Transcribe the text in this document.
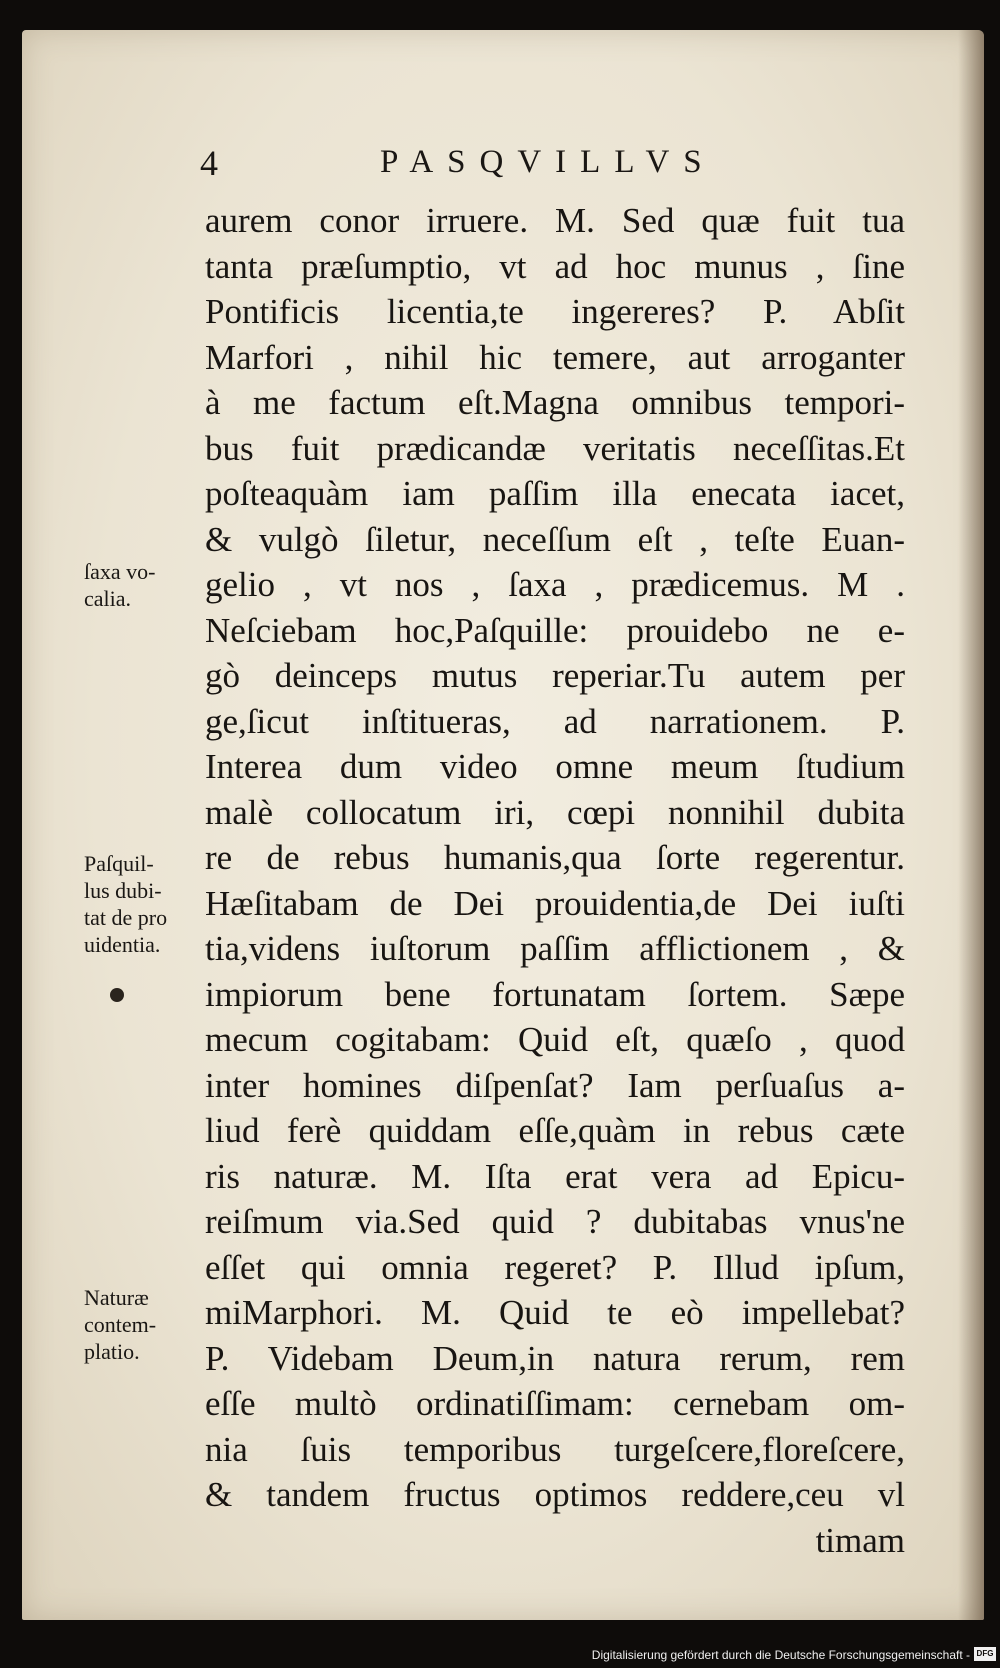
4	PASQVILLVS
aurem conor irruere. M. Sed quæ fuit tua
tanta præſumptio, vt ad hoc munus , ſine
Pontificis licentia,te ingereres? P. Abſit
Marfori , nihil hic temere, aut arroganter
à me factum eſt.Magna omnibus tempori-
bus fuit prædicandæ veritatis neceſſitas.Et
poſteaquàm iam paſſim illa enecata iacet,
& vulgò ſiletur, neceſſum eſt , teſte Euan-
gelio , vt nos , ſaxa , prædicemus. M .
Neſciebam hoc,Paſquille: prouidebo ne e-
gò deinceps mutus reperiar.Tu autem per
ge,ſicut inſtitueras, ad narrationem. P.
Interea dum video omne meum ſtudium
malè collocatum iri, cœpi nonnihil dubita
re de rebus humanis,qua ſorte regerentur.
Hæſitabam de Dei prouidentia,de Dei iuſti
tia,videns iuſtorum paſſim afflictionem , &
impiorum bene fortunatam ſortem. Sæpe
mecum cogitabam: Quid eſt, quæſo , quod
inter homines diſpenſat? Iam perſuaſus a-
liud ferè quiddam eſſe,quàm in rebus cæte
ris naturæ. M. Iſta erat vera ad Epicu-
reiſmum via.Sed quid ? dubitabas vnus'ne
eſſet qui omnia regeret? P. Illud ipſum,
miMarphori. M. Quid te eò impellebat?
P. Videbam Deum,in natura rerum, rem
eſſe multò ordinatiſſimam: cernebam om-
nia ſuis temporibus turgeſcere,floreſcere,
& tandem fructus optimos reddere,ceu vl
timam
ſaxa vo-
calia.
Paſquil-
lus dubi-
tat de pro
uidentia.
Naturæ
contem-
platio.
Digitalisierung gefördert durch die Deutsche Forschungsgemeinschaft - DFG
